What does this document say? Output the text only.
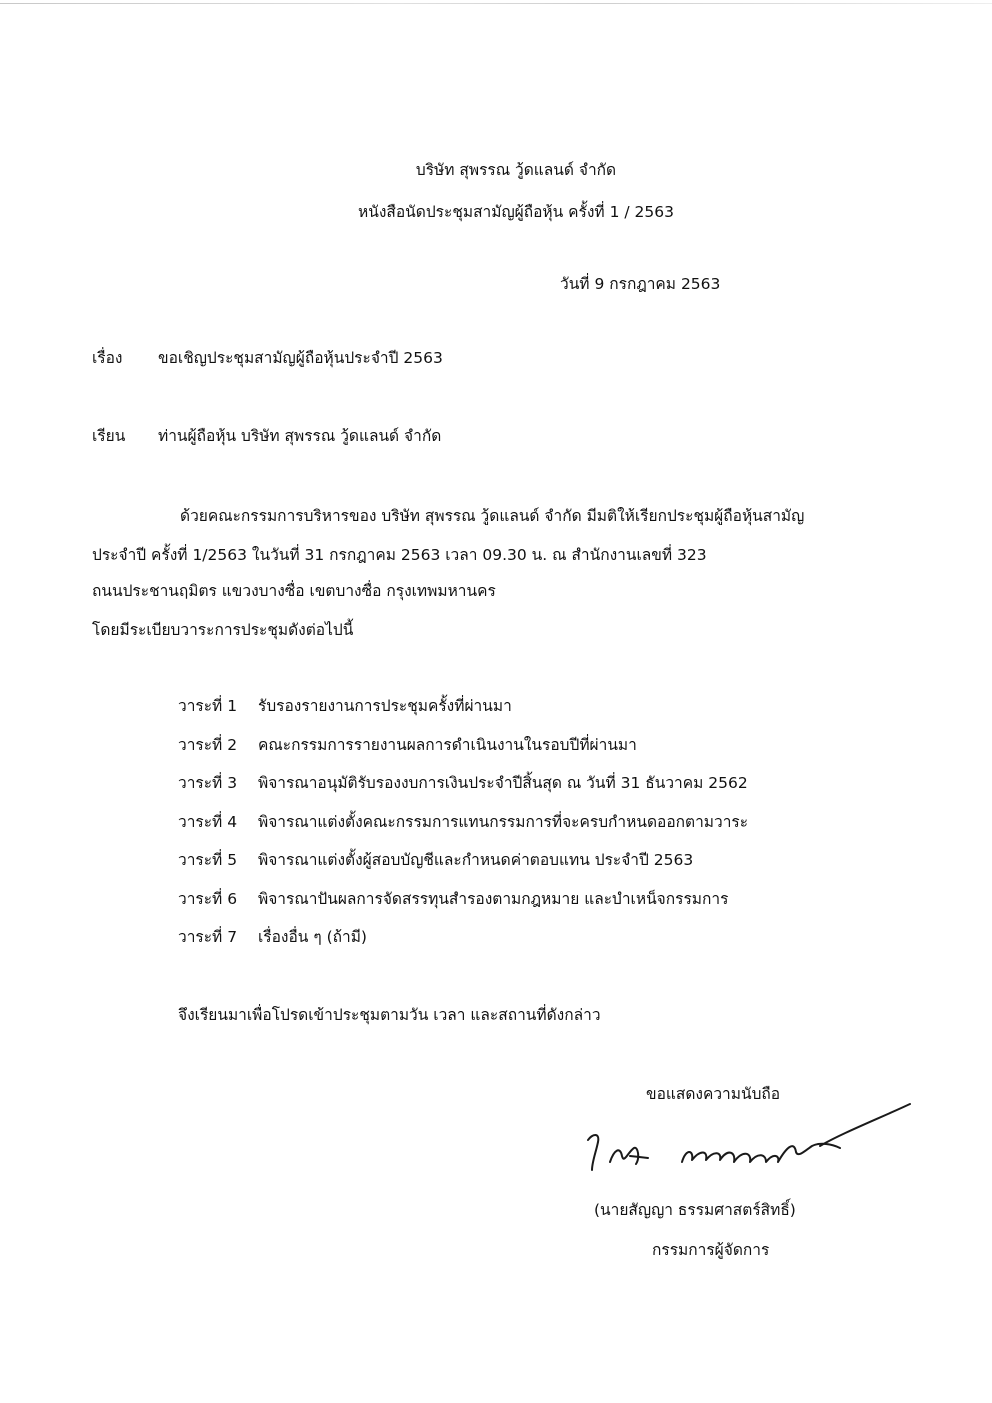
บริษัท สุพรรณ วู้ดแลนด์ จำกัด
หนังสือนัดประชุมสามัญผู้ถือหุ้น ครั้งที่ 1 / 2563
วันที่ 9 กรกฎาคม 2563
เรื่อง ขอเชิญประชุมสามัญผู้ถือหุ้นประจำปี 2563
เรียน ท่านผู้ถือหุ้น บริษัท สุพรรณ วู้ดแลนด์ จำกัด
ด้วยคณะกรรมการบริหารของ บริษัท สุพรรณ วู้ดแลนด์ จำกัด มีมติให้เรียกประชุมผู้ถือหุ้นสามัญ
ประจำปี ครั้งที่ 1/2563 ในวันที่ 31 กรกฎาคม 2563 เวลา 09.30 น. ณ สำนักงานเลขที่ 323
ถนนประชานฤมิตร แขวงบางซื่อ เขตบางซื่อ กรุงเทพมหานคร
โดยมีระเบียบวาระการประชุมดังต่อไปนี้
วาระที่ 1 รับรองรายงานการประชุมครั้งที่ผ่านมา
วาระที่ 2 คณะกรรมการรายงานผลการดำเนินงานในรอบปีที่ผ่านมา
วาระที่ 3 พิจารณาอนุมัติรับรองงบการเงินประจำปีสิ้นสุด ณ วันที่ 31 ธันวาคม 2562
วาระที่ 4 พิจารณาแต่งตั้งคณะกรรมการแทนกรรมการที่จะครบกำหนดออกตามวาระ
วาระที่ 5 พิจารณาแต่งตั้งผู้สอบบัญชีและกำหนดค่าตอบแทน ประจำปี 2563
วาระที่ 6 พิจารณาปันผลการจัดสรรทุนสำรองตามกฎหมาย และบำเหน็จกรรมการ
วาระที่ 7 เรื่องอื่น ๆ (ถ้ามี)
จึงเรียนมาเพื่อโปรดเข้าประชุมตามวัน เวลา และสถานที่ดังกล่าว
ขอแสดงความนับถือ
(นายสัญญา ธรรมศาสตร์สิทธิ์)
กรรมการผู้จัดการ
